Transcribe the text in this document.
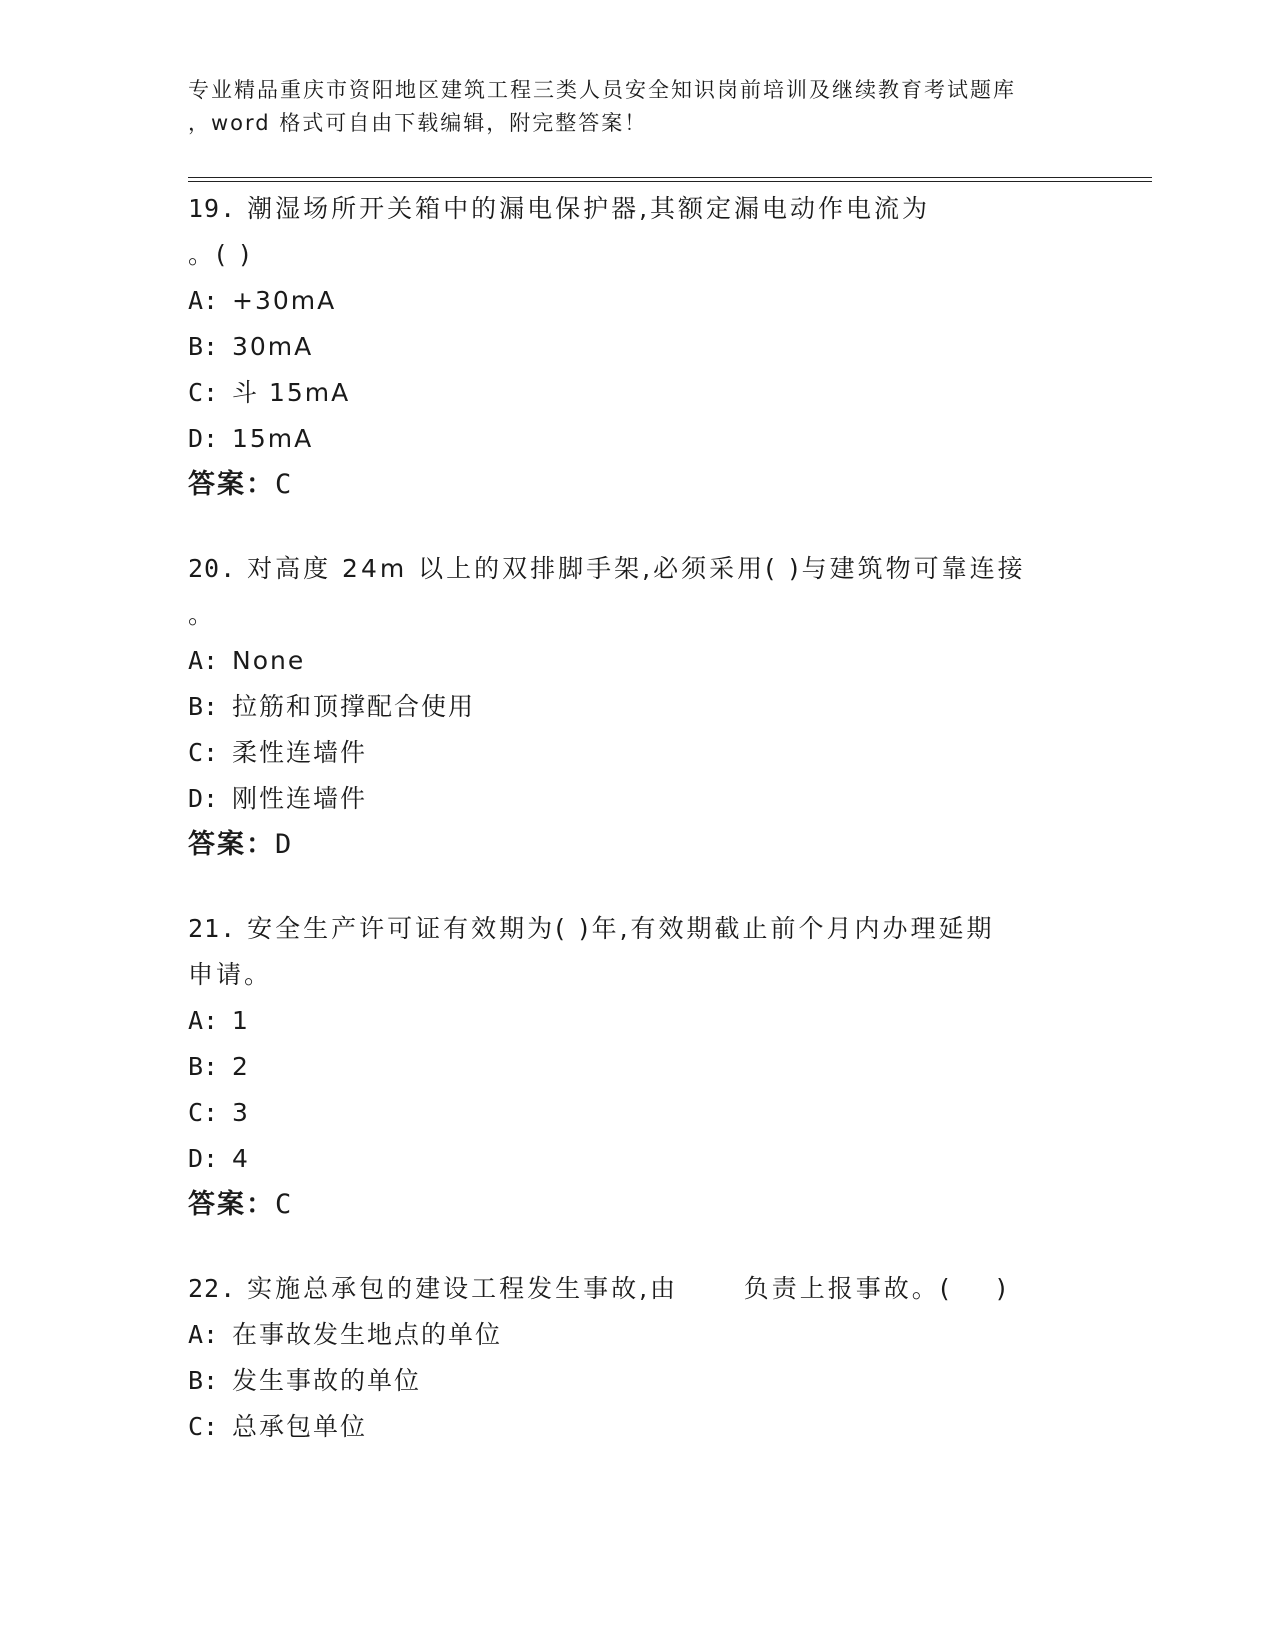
专业精品重庆市资阳地区建筑工程三类人员安全知识岗前培训及继续教育考试题库
，word 格式可自由下载编辑，附完整答案！
19. 潮湿场所开关箱中的漏电保护器,其额定漏电动作电流为
。( )
A: +30mA
B: 30mA
C: 斗 15mA
D: 15mA
答案：C
20. 对高度 24m 以上的双排脚手架,必须采用( )与建筑物可靠连接
。
A: None
B: 拉筋和顶撑配合使用
C: 柔性连墙件
D: 刚性连墙件
答案：D
21. 安全生产许可证有效期为( )年,有效期截止前个月内办理延期
申请。
A: 1
B: 2
C: 3
D: 4
答案：C
22. 实施总承包的建设工程发生事故,由      负责上报事故。(    )
A: 在事故发生地点的单位
B: 发生事故的单位
C: 总承包单位
